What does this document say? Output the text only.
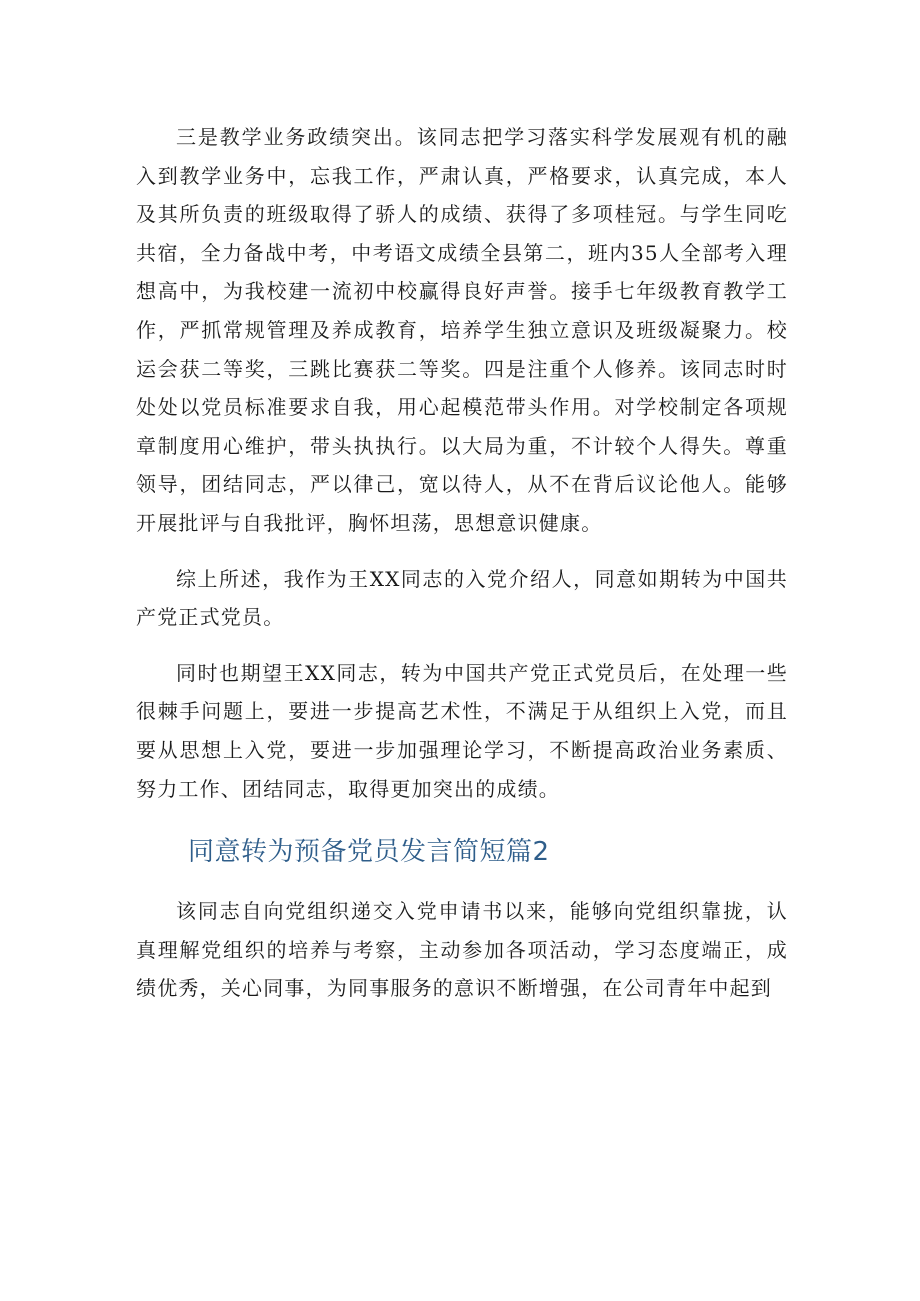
三是教学业务政绩突出。该同志把学习落实科学发展观有机的融入到教学业务中，忘我工作，严肃认真，严格要求，认真完成，本人及其所负责的班级取得了骄人的成绩、获得了多项桂冠。与学生同吃共宿，全力备战中考，中考语文成绩全县第二，班内35人全部考入理想高中，为我校建一流初中校赢得良好声誉。接手七年级教育教学工作，严抓常规管理及养成教育，培养学生独立意识及班级凝聚力。校运会获二等奖，三跳比赛获二等奖。四是注重个人修养。该同志时时处处以党员标准要求自我，用心起模范带头作用。对学校制定各项规章制度用心维护，带头执执行。以大局为重，不计较个人得失。尊重领导，团结同志，严以律己，宽以待人，从不在背后议论他人。能够开展批评与自我批评，胸怀坦荡，思想意识健康。

综上所述，我作为王XX同志的入党介绍人，同意如期转为中国共产党正式党员。

同时也期望王XX同志，转为中国共产党正式党员后，在处理一些很棘手问题上，要进一步提高艺术性，不满足于从组织上入党，而且要从思想上入党，要进一步加强理论学习，不断提高政治业务素质、努力工作、团结同志，取得更加突出的成绩。

同意转为预备党员发言简短篇2

该同志自向党组织递交入党申请书以来，能够向党组织靠拢，认真理解党组织的培养与考察，主动参加各项活动，学习态度端正，成绩优秀，关心同事，为同事服务的意识不断增强，在公司青年中起到
